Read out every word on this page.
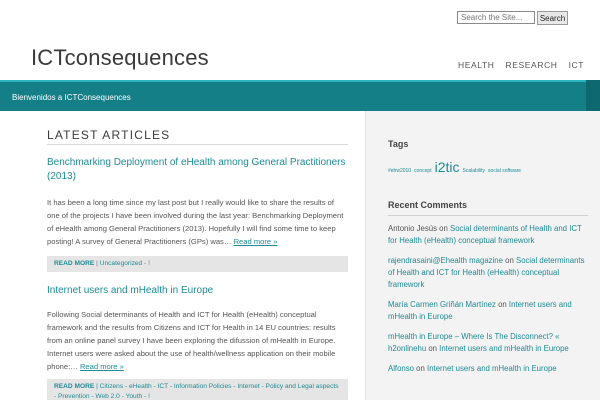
Search the Site...
Search
ICTconsequences	HEALTH RESEARCH ICT
Bienvenidos a ICTConsequences
LATEST ARTICLES
Benchmarking Deployment of eHealth among General Practitioners (2013)

It has been a long time since my last post but I really would like to share the results of one of the projects I have been involved during the last year: Benchmarking Deployment of eHealth among General Practitioners (2013). Hopefully I will find some time to keep posting! A survey of General Practitioners (GPs) was… Read more »

READ MORE | Uncategorized - !
Internet users and mHealth in Europe

Following Social determinants of Health and ICT for Health (eHealth) conceptual framework and the results from Citizens and ICT for Health in 14 EU countries: results from an online panel survey I have been exploring the difussion of mHealth in Europe. Internet users were asked about the use of health/wellness application on their mobile phone:… Read more »

READ MORE | Citizens - eHealth - ICT - Information Policies - Internet - Policy and Legal aspects - Prevention - Web 2.0 - Youth - !
Tags
#ehw2010 concept i2tic Scalability social software
Recent Comments
Antonio Jesús on Social determinants of Health and ICT for Health (eHealth) conceptual framework
rajendrasaini@Ehealth magazine on Social determinants of Health and ICT for Health (eHealth) conceptual framework
María Carmen Griñán Martínez on Internet users and mHealth in Europe
mHealth in Europe – Where Is The Disconnect? « h2onlinehu on Internet users and mHealth in Europe
Alfonso on Internet users and mHealth in Europe
